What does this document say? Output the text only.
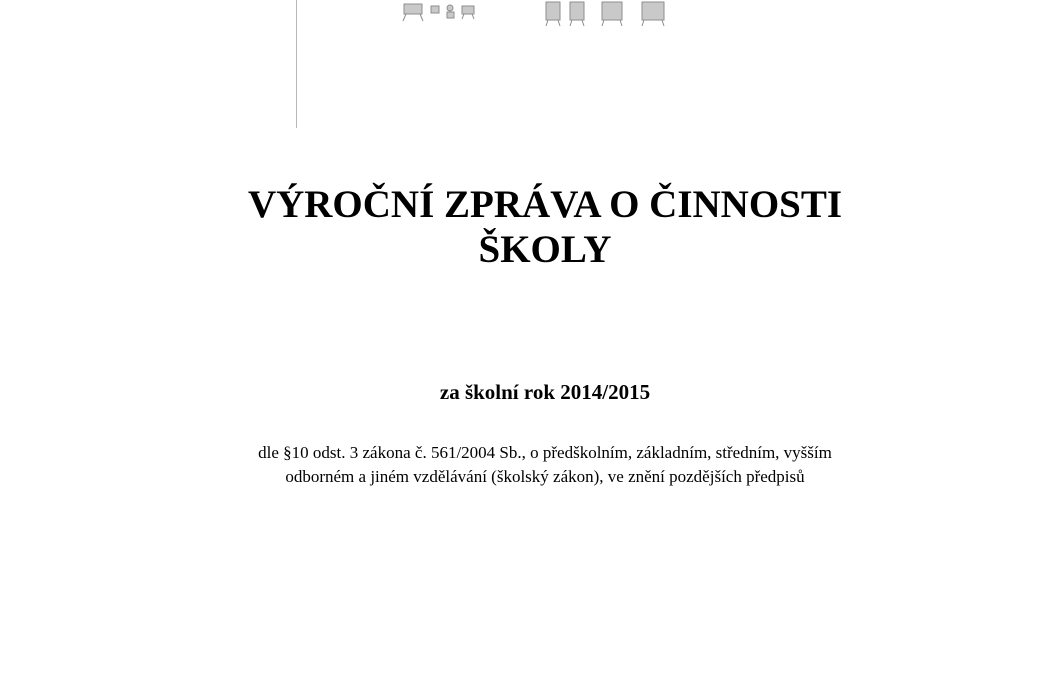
VÝROČNÍ ZPRÁVA O ČINNOSTI
ŠKOLY

za školní rok 2014/2015

dle §10 odst. 3 zákona č. 561/2004 Sb., o předškolním, základním, středním, vyšším
odborném a jiném vzdělávání (školský zákon), ve znění pozdějších předpisů
